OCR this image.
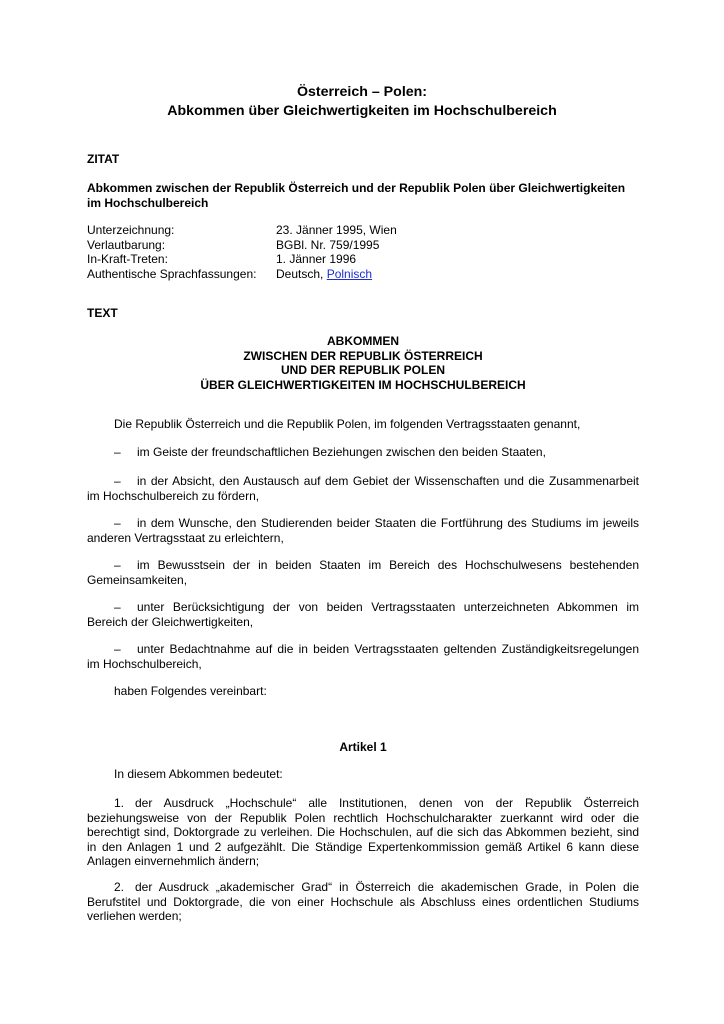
Österreich – Polen:
Abkommen über Gleichwertigkeiten im Hochschulbereich
ZITAT
Abkommen zwischen der Republik Österreich und der Republik Polen über Gleichwertigkeiten im Hochschulbereich
Unterzeichnung:	23. Jänner 1995, Wien
Verlautbarung:	BGBl. Nr. 759/1995
In-Kraft-Treten:	1. Jänner 1996
Authentische Sprachfassungen:	Deutsch, Polnisch
TEXT
ABKOMMEN
ZWISCHEN DER REPUBLIK ÖSTERREICH
UND DER REPUBLIK POLEN
ÜBER GLEICHWERTIGKEITEN IM HOCHSCHULBEREICH
Die Republik Österreich und die Republik Polen, im folgenden Vertragsstaaten genannt,
– im Geiste der freundschaftlichen Beziehungen zwischen den beiden Staaten,
– in der Absicht, den Austausch auf dem Gebiet der Wissenschaften und die Zusammenarbeit im Hochschulbereich zu fördern,
– in dem Wunsche, den Studierenden beider Staaten die Fortführung des Studiums im jeweils anderen Vertragsstaat zu erleichtern,
– im Bewusstsein der in beiden Staaten im Bereich des Hochschulwesens bestehenden Gemeinsamkeiten,
– unter Berücksichtigung der von beiden Vertragsstaaten unterzeichneten Abkommen im Bereich der Gleichwertigkeiten,
– unter Bedachtnahme auf die in beiden Vertragsstaaten geltenden Zuständigkeitsregelungen im Hochschulbereich,
haben Folgendes vereinbart:
Artikel 1
In diesem Abkommen bedeutet:
1. der Ausdruck „Hochschule“ alle Institutionen, denen von der Republik Österreich beziehungsweise von der Republik Polen rechtlich Hochschulcharakter zuerkannt wird oder die berechtigt sind, Doktorgrade zu verleihen. Die Hochschulen, auf die sich das Abkommen bezieht, sind in den Anlagen 1 und 2 aufgezählt. Die Ständige Expertenkommission gemäß Artikel 6 kann diese Anlagen einvernehmlich ändern;
2. der Ausdruck „akademischer Grad“ in Österreich die akademischen Grade, in Polen die Berufstitel und Doktorgrade, die von einer Hochschule als Abschluss eines ordentlichen Studiums verliehen werden;
